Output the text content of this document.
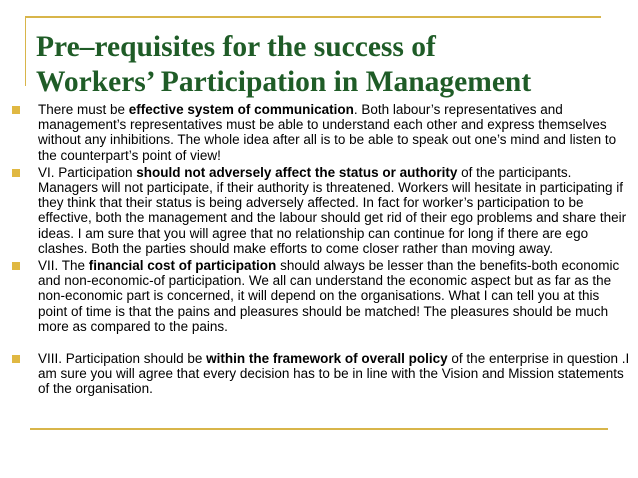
Pre–requisites for the success of
Workers’ Participation in Management
There must be effective system of communication. Both labour’s representatives and management’s representatives must be able to understand each other and express themselves without any inhibitions. The whole idea after all is to be able to speak out one’s mind and listen to the counterpart’s point of view!
VI. Participation should not adversely affect the status or authority of the participants. Managers will not participate, if their authority is threatened. Workers will hesitate in participating if they think that their status is being adversely affected. In fact for worker’s participation to be effective, both the management and the labour should get rid of their ego problems and share their ideas. I am sure that you will agree that no relationship can continue for long if there are ego clashes. Both the parties should make efforts to come closer rather than moving away.
VII. The financial cost of participation should always be lesser than the benefits-both economic and non-economic-of participation. We all can understand the economic aspect but as far as the non-economic part is concerned, it will depend on the organisations. What I can tell you at this point of time is that the pains and pleasures should be matched! The pleasures should be much more as compared to the pains.
VIII. Participation should be within the framework of overall policy of the enterprise in question .I am sure you will agree that every decision has to be in line with the Vision and Mission statements of the organisation.
